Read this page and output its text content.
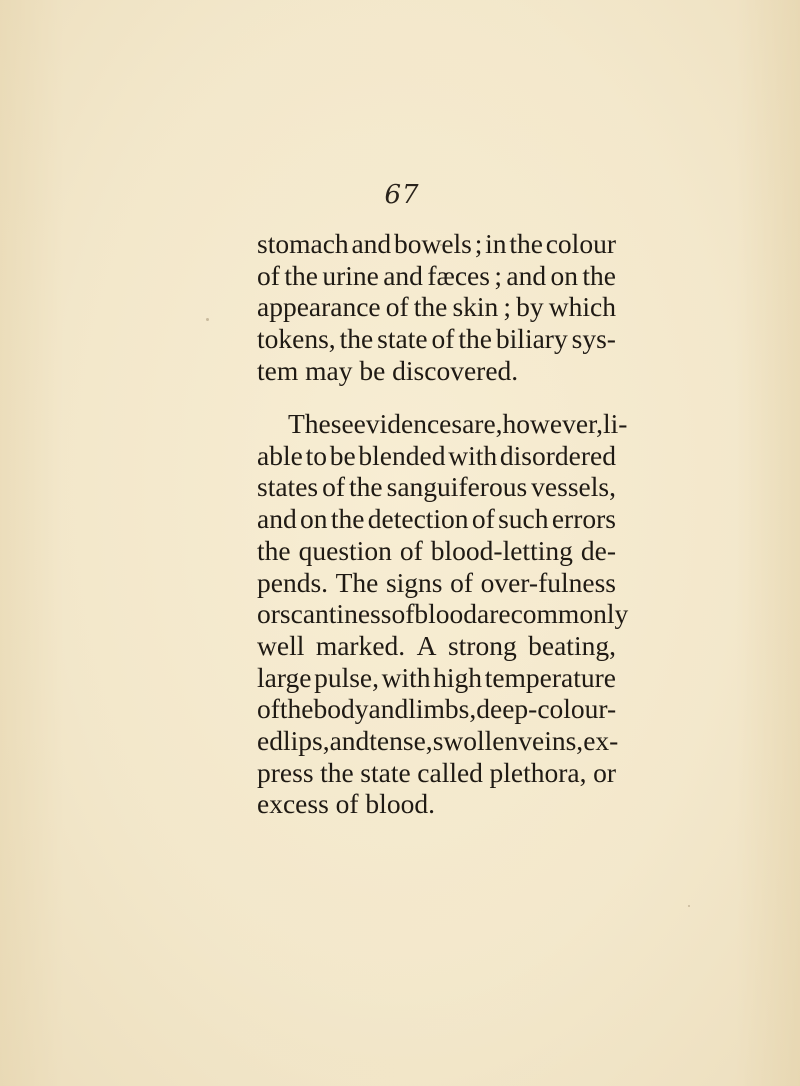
67

stomach and bowels ; in the colour

of the urine and fæces ; and on the

appearance of the skin ; by which

tokens, the state of the biliary sys-

tem may be discovered.

These evidences are, however, li-

able to be blended with disordered

states of the sanguiferous vessels,

and on the detection of such errors

the question of blood-letting de-

pends. The signs of over-fulness

or scantiness of blood are commonly

well marked. A strong beating,

large pulse, with high temperature

of the body and limbs, deep-colour-

ed lips, and tense, swollen veins, ex-

press the state called plethora, or

excess of blood.
